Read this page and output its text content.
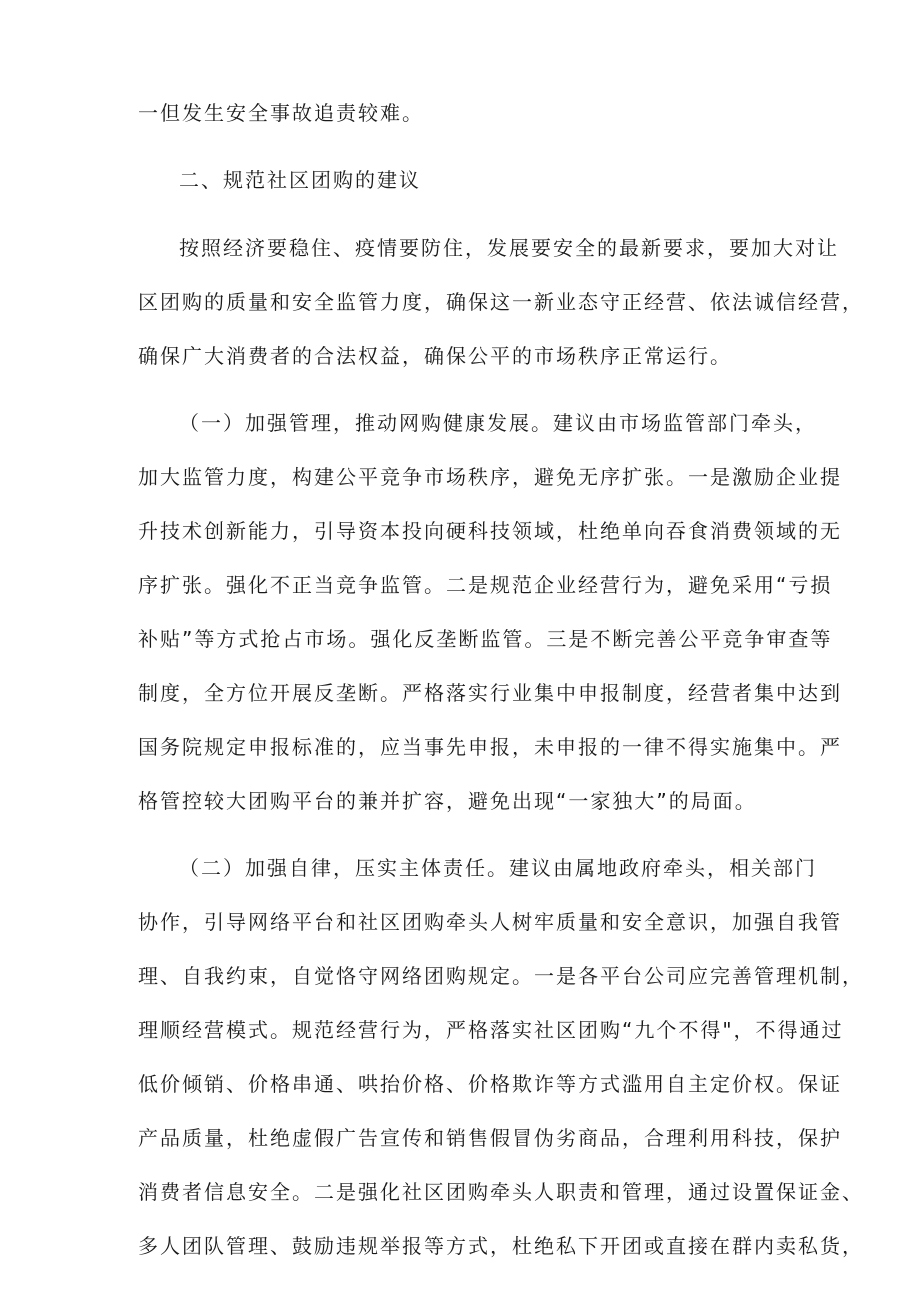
一但发生安全事故追责较难。

二、规范社区团购的建议

按照经济要稳住、疫情要防住，发展要安全的最新要求，要加大对让

区团购的质量和安全监管力度，确保这一新业态守正经营、依法诚信经营，

确保广大消费者的合法权益，确保公平的市场秩序正常运行。

（一）加强管理，推动网购健康发展。建议由市场监管部门牵头，

加大监管力度，构建公平竞争市场秩序，避免无序扩张。一是激励企业提

升技术创新能力，引导资本投向硬科技领域，杜绝单向吞食消费领域的无

序扩张。强化不正当竞争监管。二是规范企业经营行为，避免采用“亏损

补贴”等方式抢占市场。强化反垄断监管。三是不断完善公平竞争审查等

制度，全方位开展反垄断。严格落实行业集中申报制度，经营者集中达到

国务院规定申报标准的，应当事先申报，未申报的一律不得实施集中。严

格管控较大团购平台的兼并扩容，避免出现“一家独大”的局面。

（二）加强自律，压实主体责任。建议由属地政府牵头，相关部门

协作，引导网络平台和社区团购牵头人树牢质量和安全意识，加强自我管

理、自我约束，自觉恪守网络团购规定。一是各平台公司应完善管理机制，

理顺经营模式。规范经营行为，严格落实社区团购“九个不得"，不得通过

低价倾销、价格串通、哄抬价格、价格欺诈等方式滥用自主定价权。保证

产品质量，杜绝虚假广告宣传和销售假冒伪劣商品，合理利用科技，保护

消费者信息安全。二是强化社区团购牵头人职责和管理，通过设置保证金、

多人团队管理、鼓励违规举报等方式，杜绝私下开团或直接在群内卖私货，
